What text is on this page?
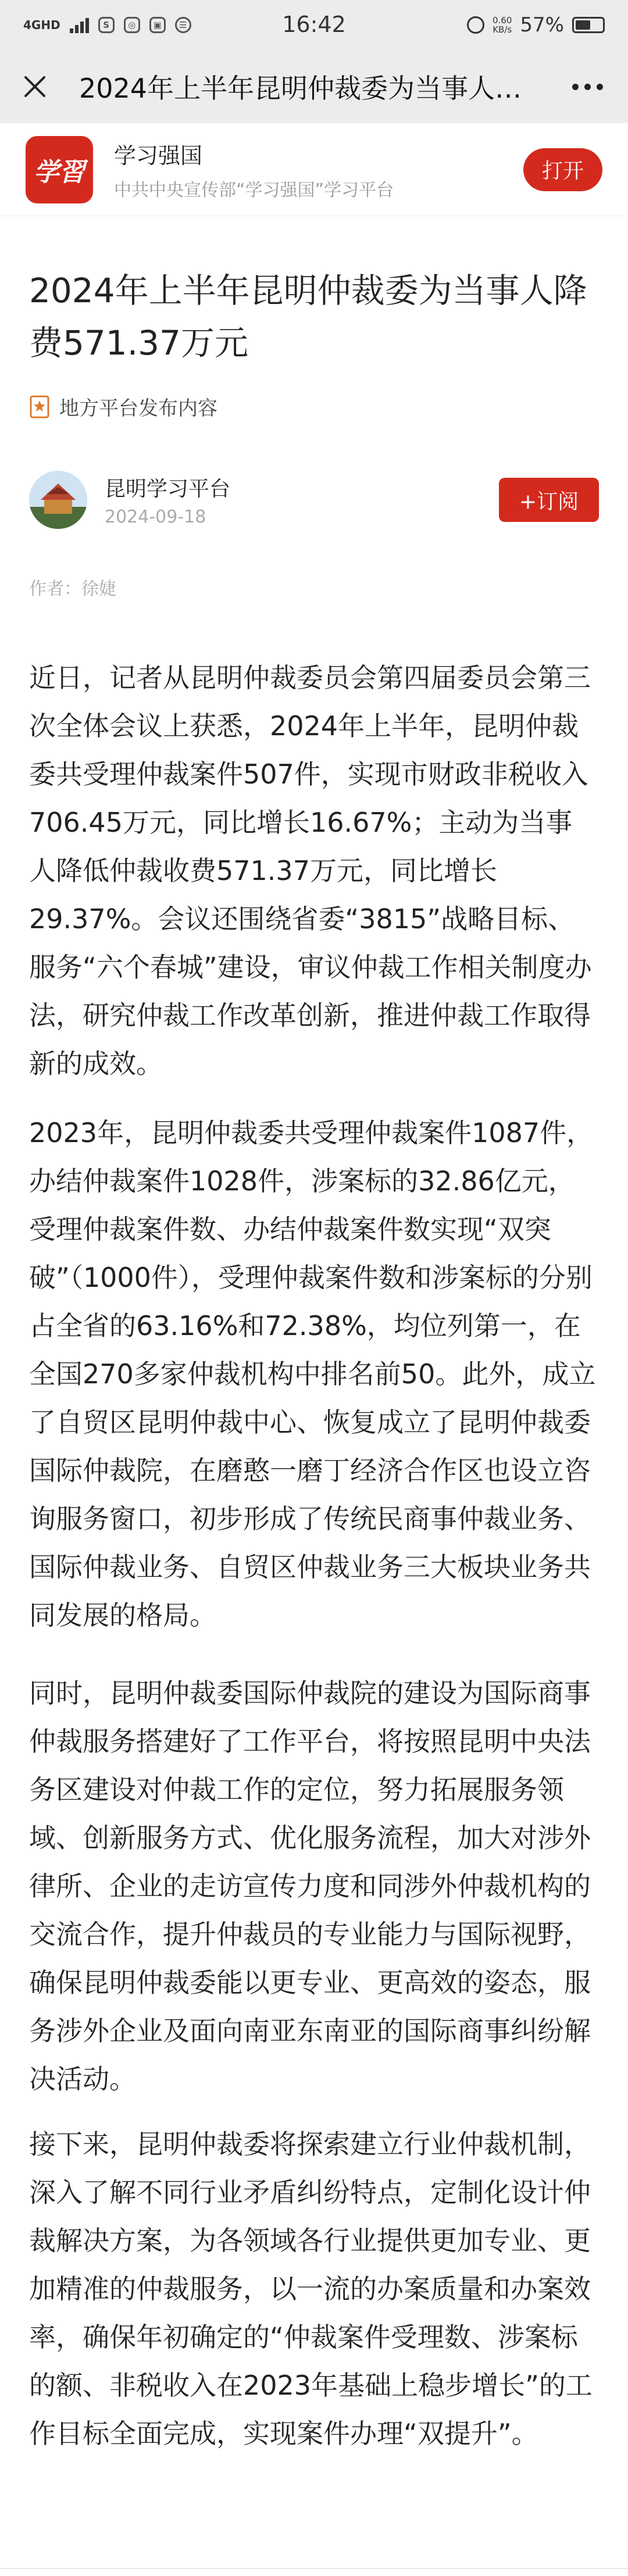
4GHD	S	◎	▣	☰	16:42	0.60
KB/s 57%
2024年上半年昆明仲裁委为当事人…
学習
学习强国
中共中央宣传部“学习强国”学习平台
打开
2024年上半年昆明仲裁委为当事人降费571.37万元
地方平台发布内容
昆明学习平台
2024-09-18
+订阅
作者：徐婕

近日，记者从昆明仲裁委员会第四届委员会第三次全体会议上获悉，2024年上半年，昆明仲裁委共受理仲裁案件507件，实现市财政非税收入706.45万元，同比增长16.67%；主动为当事人降低仲裁收费571.37万元，同比增长29.37%。会议还围绕省委“3815”战略目标、服务“六个春城”建设，审议仲裁工作相关制度办法，研究仲裁工作改革创新，推进仲裁工作取得新的成效。

2023年，昆明仲裁委共受理仲裁案件1087件，办结仲裁案件1028件，涉案标的32.86亿元，受理仲裁案件数、办结仲裁案件数实现“双突破”（1000件），受理仲裁案件数和涉案标的分别占全省的63.16%和72.38%，均位列第一，在全国270多家仲裁机构中排名前50。此外，成立了自贸区昆明仲裁中心、恢复成立了昆明仲裁委国际仲裁院，在磨憨一磨丁经济合作区也设立咨询服务窗口，初步形成了传统民商事仲裁业务、国际仲裁业务、自贸区仲裁业务三大板块业务共同发展的格局。

同时，昆明仲裁委国际仲裁院的建设为国际商事仲裁服务搭建好了工作平台，将按照昆明中央法务区建设对仲裁工作的定位，努力拓展服务领域、创新服务方式、优化服务流程，加大对涉外律所、企业的走访宣传力度和同涉外仲裁机构的交流合作，提升仲裁员的专业能力与国际视野，确保昆明仲裁委能以更专业、更高效的姿态，服务涉外企业及面向南亚东南亚的国际商事纠纷解决活动。

接下来，昆明仲裁委将探索建立行业仲裁机制，深入了解不同行业矛盾纠纷特点，定制化设计仲裁解决方案，为各领域各行业提供更加专业、更加精准的仲裁服务，以一流的办案质量和办案效率，确保年初确定的“仲裁案件受理数、涉案标的额、非税收入在2023年基础上稳步增长”的工作目标全面完成，实现案件办理“双提升”。
